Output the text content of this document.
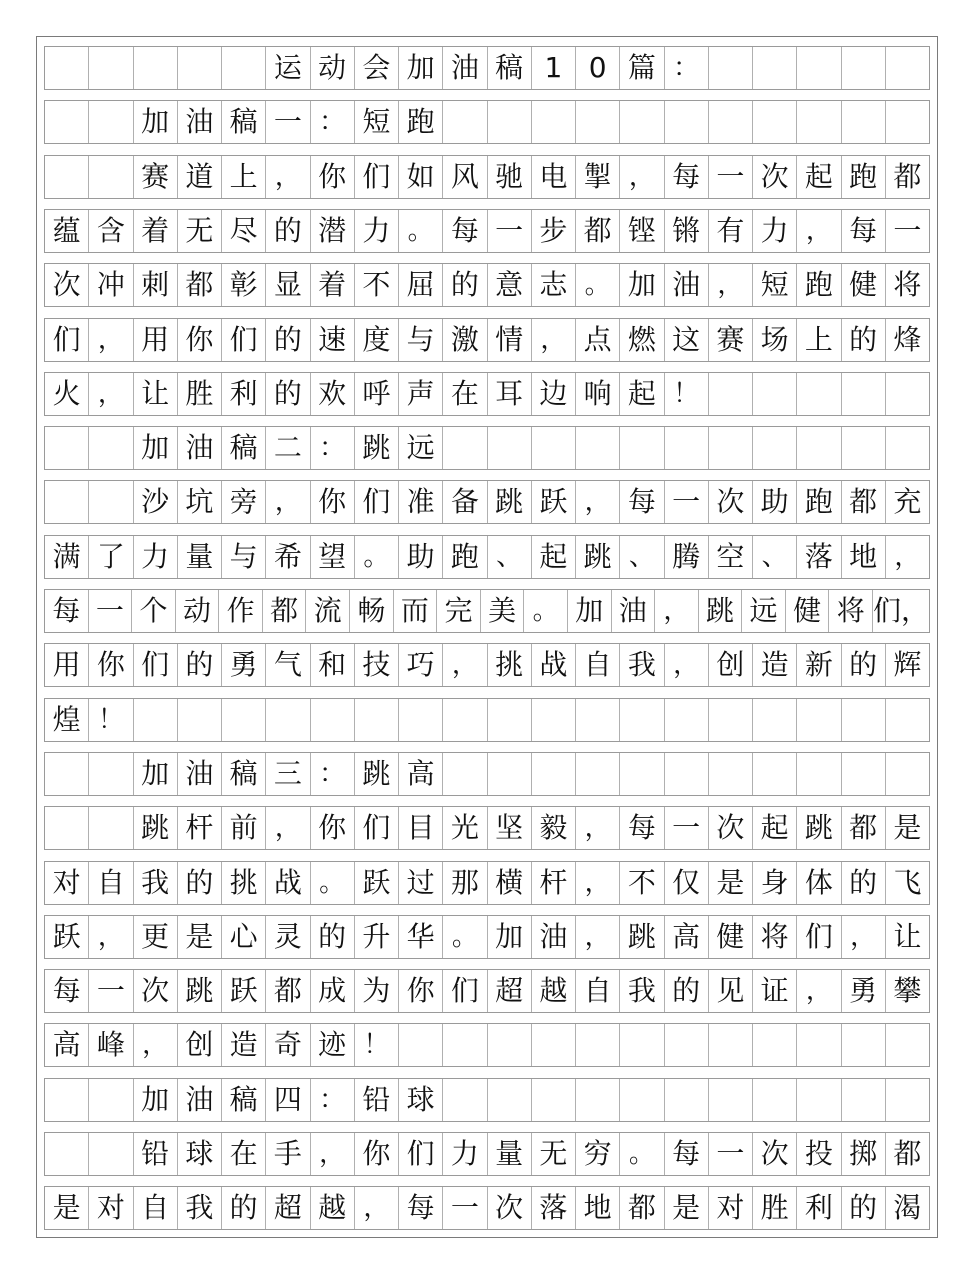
运 动 会 加 油 稿 1 0 篇 ：
加 油 稿 一 ： 短 跑
赛 道 上 ， 你 们 如 风 驰 电 掣 ， 每 一 次 起 跑 都
蕴 含 着 无 尽 的 潜 力 。 每 一 步 都 铿 锵 有 力 ， 每 一
次 冲 刺 都 彰 显 着 不 屈 的 意 志 。 加 油 ， 短 跑 健 将
们 ， 用 你 们 的 速 度 与 激 情 ， 点 燃 这 赛 场 上 的 烽
火 ， 让 胜 利 的 欢 呼 声 在 耳 边 响 起 ！
加 油 稿 二 ： 跳 远
沙 坑 旁 ， 你 们 准 备 跳 跃 ， 每 一 次 助 跑 都 充
满 了 力 量 与 希 望 。 助 跑 、 起 跳 、 腾 空 、 落 地 ，
每 一 个 动 作 都 流 畅 而 完 美 。 加 油 ， 跳 远 健 将 们，
用 你 们 的 勇 气 和 技 巧 ， 挑 战 自 我 ， 创 造 新 的 辉
煌 ！
加 油 稿 三 ： 跳 高
跳 杆 前 ， 你 们 目 光 坚 毅 ， 每 一 次 起 跳 都 是
对 自 我 的 挑 战 。 跃 过 那 横 杆 ， 不 仅 是 身 体 的 飞
跃 ， 更 是 心 灵 的 升 华 。 加 油 ， 跳 高 健 将 们 ， 让
每 一 次 跳 跃 都 成 为 你 们 超 越 自 我 的 见 证 ， 勇 攀
高 峰 ， 创 造 奇 迹 ！
加 油 稿 四 ： 铅 球
铅 球 在 手 ， 你 们 力 量 无 穷 。 每 一 次 投 掷 都
是 对 自 我 的 超 越 ， 每 一 次 落 地 都 是 对 胜 利 的 渴
